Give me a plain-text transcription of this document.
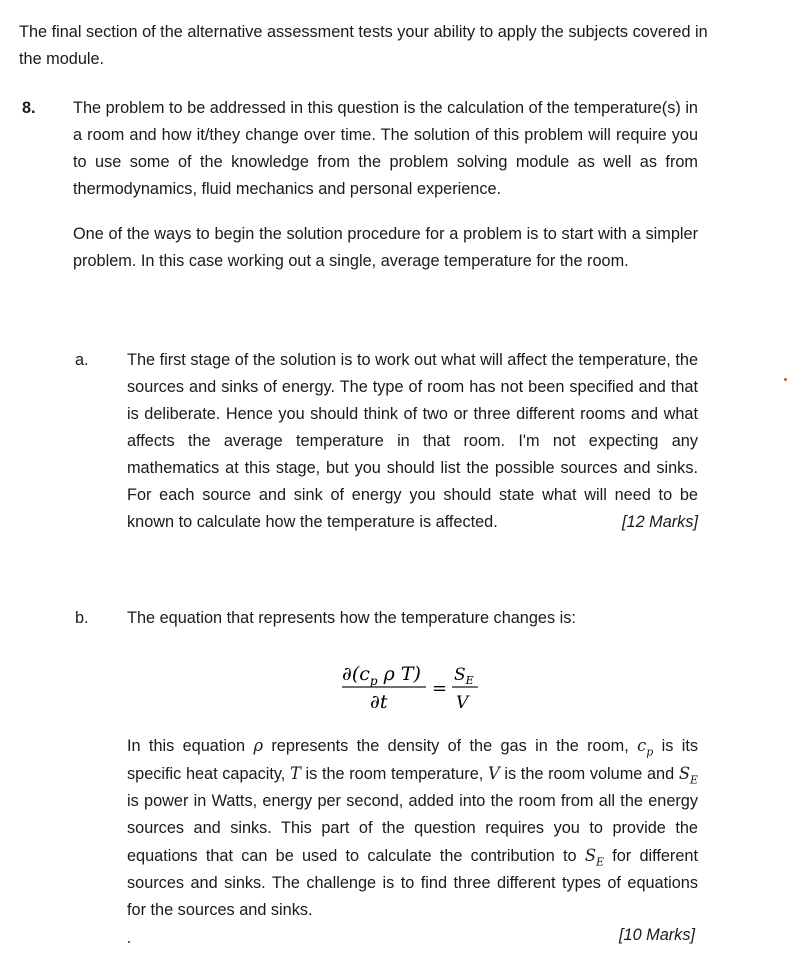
The final section of the alternative assessment tests your ability to apply the subjects covered in the module.
8. The problem to be addressed in this question is the calculation of the temperature(s) in a room and how it/they change over time. The solution of this problem will require you to use some of the knowledge from the problem solving module as well as from thermodynamics, fluid mechanics and personal experience.

One of the ways to begin the solution procedure for a problem is to start with a simpler problem. In this case working out a single, average temperature for the room.

a. The first stage of the solution is to work out what will affect the temperature, the sources and sinks of energy. The type of room has not been specified and that is deliberate. Hence you should think of two or three different rooms and what affects the average temperature in that room. I'm not expecting any mathematics at this stage, but you should list the possible sources and sinks. For each source and sink of energy you should state what will need to be known to calculate how the temperature is affected.	[12 Marks]
b. The equation that represents how the temperature changes is:
$\partial(c_p$ ρ T)
∂t
=
$S_E$
V
In this equation ρ represents the density of the gas in the room, $c_p$ is its specific heat capacity, T is the room temperature, V is the room volume and $S_E$ is power in Watts, energy per second, added into the room from all the energy sources and sinks. This part of the question requires you to provide the equations that can be used to calculate the contribution to $S_E$ for different sources and sinks. The challenge is to find three different types of equations for the sources and sinks.
[10 Marks]
